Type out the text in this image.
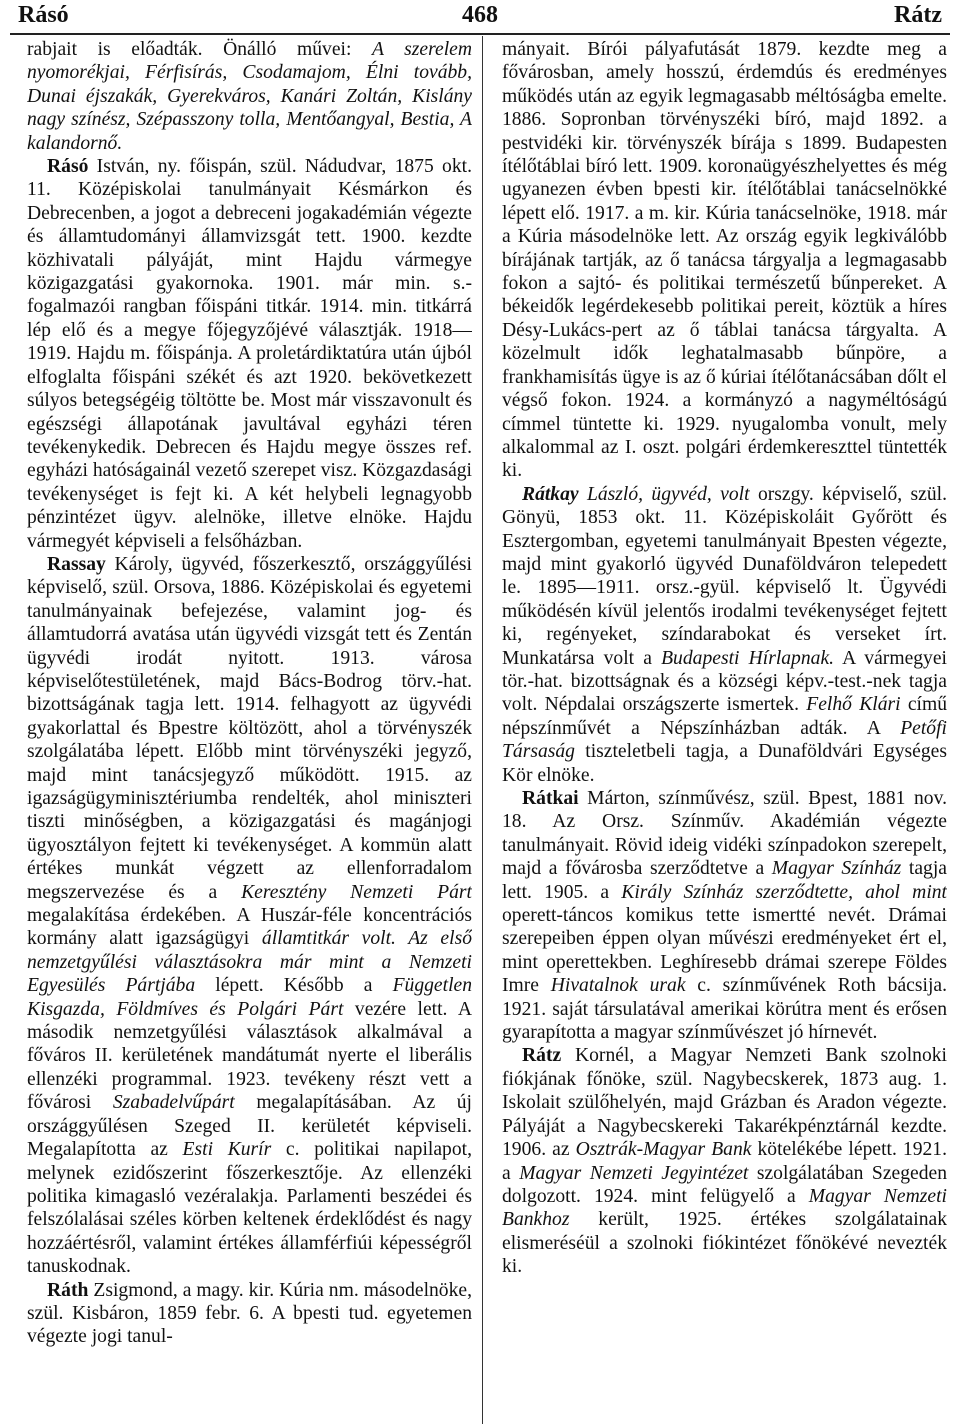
Rásó	468	Rátz

rabjait is előadták. Önálló művei: A szerelem nyomorékjai, Férfisírás, Csodamajom, Élni tovább, Dunai éjszakák, Gyerekváros, Kanári Zoltán, Kislány nagy színész, Szépasszony tolla, Mentőangyal, Bestia, A kalandornő.

Rásó István, ny. főispán, szül. Nádudvar, 1875 okt. 11. Középiskolai tanulmányait Késmárkon és Debrecenben, a jogot a debreceni jogakadémián végezte és államtudományi államvizsgát tett. 1900. kezdte közhivatali pályáját, mint Hajdu vármegye közigazgatási gyakornoka. 1901. már min. s.-fogalmazói rangban főispáni titkár. 1914. min. titkárrá lép elő és a megye főjegyzőjévé választják. 1918—1919. Hajdu m. főispánja. A proletárdiktatúra után újból elfoglalta főispáni székét és azt 1920. bekövetkezett súlyos betegségéig töltötte be. Most már visszavonult és egészségi állapotának javultával egyházi téren tevékenykedik. Debrecen és Hajdu megye összes ref. egyházi hatóságainál vezető szerepet visz. Közgazdasági tevékenységet is fejt ki. A két helybeli legnagyobb pénzintézet ügyv. alelnöke, illetve elnöke. Hajdu vármegyét képviseli a felsőházban.

Rassay Károly, ügyvéd, főszerkesztő, országgyűlési képviselő, szül. Orsova, 1886. Középiskolai és egyetemi tanulmányainak befejezése, valamint jog- és államtudorrá avatása után ügyvédi vizsgát tett és Zentán ügyvédi irodát nyitott. 1913. városa képviselőtestületének, majd Bács-Bodrog törv.-hat. bizottságának tagja lett. 1914. felhagyott az ügyvédi gyakorlattal és Bpestre költözött, ahol a törvényszék szolgálatába lépett. Előbb mint törvényszéki jegyző, majd mint tanácsjegyző működött. 1915. az igazságügyminisztériumba rendelték, ahol miniszteri tiszti minőségben, a közigazgatási és magánjogi ügyosztályon fejtett ki tevékenységet. A kommün alatt értékes munkát végzett az ellenforradalom megszervezése és a Keresztény Nemzeti Párt megalakítása érdekében. A Huszár-féle koncentrációs kormány alatt igazságügyi államtitkár volt. Az első nemzetgyűlési választásokra már mint a Nemzeti Egyesülés Pártjába lépett. Később a Független Kisgazda, Földmíves és Polgári Párt vezére lett. A második nemzetgyűlési választások alkalmával a főváros II. kerületének mandátumát nyerte el liberális ellenzéki programmal. 1923. tevékeny részt vett a fővárosi Szabadelvűpárt megalapításában. Az új országgyűlésen Szeged II. kerületét képviseli. Megalapította az Esti Kurír c. politikai napilapot, melynek ezidőszerint főszerkesztője. Az ellenzéki politika kimagasló vezéralakja. Parlamenti beszédei és felszólalásai széles körben keltenek érdeklődést és nagy hozzáértésről, valamint értékes államférfiúi képességről tanuskodnak.

Ráth Zsigmond, a magy. kir. Kúria nm. másodelnöke, szül. Kisbáron, 1859 febr. 6. A bpesti tud. egyetemen végezte jogi tanul-

mányait. Bírói pályafutását 1879. kezdte meg a fővárosban, amely hosszú, érdemdús és eredményes működés után az egyik legmagasabb méltóságba emelte. 1886. Sopronban törvényszéki bíró, majd 1892. a pestvidéki kir. törvényszék bírája s 1899. Budapesten ítélőtáblai bíró lett. 1909. koronaügyészhelyettes és még ugyanezen évben bpesti kir. ítélőtáblai tanácselnökké lépett elő. 1917. a m. kir. Kúria tanácselnöke, 1918. már a Kúria másodelnöke lett. Az ország egyik legkiválóbb bírájának tartják, az ő tanácsa tárgyalja a legmagasabb fokon a sajtó- és politikai természetű bűnpereket. A békeidők legérdekesebb politikai pereit, köztük a híres Désy-Lukács-pert az ő táblai tanácsa tárgyalta. A közelmult idők leghatalmasabb bűnpöre, a frankhamisítás ügye is az ő kúriai ítélőtanácsában dőlt el végső fokon. 1924. a kormányzó a nagyméltóságú címmel tüntette ki. 1929. nyugalomba vonult, mely alkalommal az I. oszt. polgári érdemkereszttel tüntették ki.

Rátkay László, ügyvéd, volt orszgy. képviselő, szül. Gönyü, 1853 okt. 11. Középiskoláit Győrött és Esztergomban, egyetemi tanulmányait Bpesten végezte, majd mint gyakorló ügyvéd Dunaföldváron telepedett le. 1895—1911. orsz.-gyül. képviselő lt. Ügyvédi működésén kívül jelentős irodalmi tevékenységet fejtett ki, regényeket, színdarabokat és verseket írt. Munkatársa volt a Budapesti Hírlapnak. A vármegyei tör.-hat. bizottságnak és a községi képv.-test.-nek tagja volt. Népdalai országszerte ismertek. Felhő Klári című népszínművét a Népszínházban adták. A Petőfi Társaság tiszteletbeli tagja, a Dunaföldvári Egységes Kör elnöke.

Rátkai Márton, színművész, szül. Bpest, 1881 nov. 18. Az Orsz. Színműv. Akadémián végezte tanulmányait. Rövid ideig vidéki színpadokon szerepelt, majd a fővárosba szerződtetve a Magyar Színház tagja lett. 1905. a Király Színház szerződtette, ahol mint operett-táncos komikus tette ismertté nevét. Drámai szerepeiben éppen olyan művészi eredményeket ért el, mint operettekben. Leghíresebb drámai szerepe Földes Imre Hivatalnok urak c. színművének Roth bácsija. 1921. saját társulatával amerikai körútra ment és erősen gyarapította a magyar színművészet jó hírnevét.

Rátz Kornél, a Magyar Nemzeti Bank szolnoki fiókjának főnöke, szül. Nagybecskerek, 1873 aug. 1. Iskolait szülőhelyén, majd Grázban és Aradon végezte. Pályáját a Nagybecskereki Takarékpénztárnál kezdte. 1906. az Osztrák-Magyar Bank kötelékébe lépett. 1921. a Magyar Nemzeti Jegyintézet szolgálatában Szegeden dolgozott. 1924. mint felügyelő a Magyar Nemzeti Bankhoz került, 1925. értékes szolgálatainak elismeréséül a szolnoki fiókintézet főnökévé nevezték ki.
